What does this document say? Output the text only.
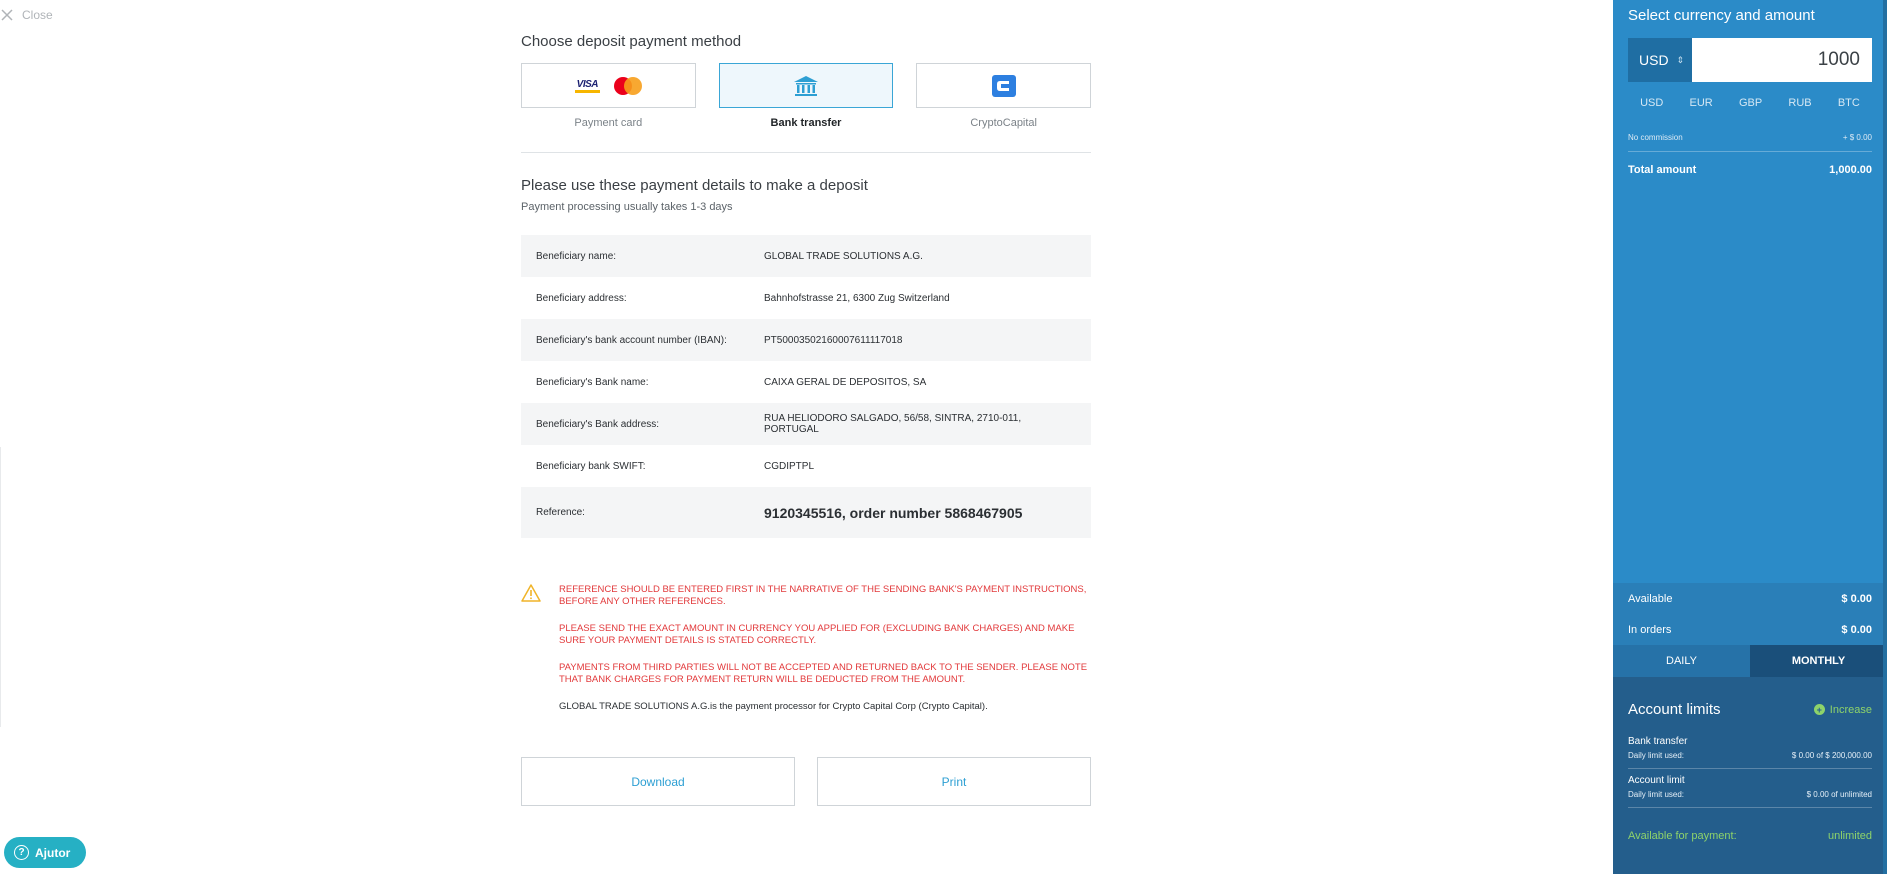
Close
Choose deposit payment method
VISA
Payment card	Bank transfer	CryptoCapital
Please use these payment details to make a deposit
Payment processing usually takes 1-3 days
Beneficiary name:	GLOBAL TRADE SOLUTIONS A.G.
Beneficiary address:	Bahnhofstrasse 21, 6300 Zug Switzerland
Beneficiary's bank account number (IBAN):	PT50003502160007611117018
Beneficiary's Bank name:	CAIXA GERAL DE DEPOSITOS, SA
Beneficiary's Bank address:	RUA HELIODORO SALGADO, 56/58, SINTRA, 2710-011, PORTUGAL
Beneficiary bank SWIFT:	CGDIPTPL
Reference:	9120345516, order number 5868467905
REFERENCE SHOULD BE ENTERED FIRST IN THE NARRATIVE OF THE SENDING BANK'S PAYMENT INSTRUCTIONS, BEFORE ANY OTHER REFERENCES.
PLEASE SEND THE EXACT AMOUNT IN CURRENCY YOU APPLIED FOR (EXCLUDING BANK CHARGES) AND MAKE SURE YOUR PAYMENT DETAILS IS STATED CORRECTLY.
PAYMENTS FROM THIRD PARTIES WILL NOT BE ACCEPTED AND RETURNED BACK TO THE SENDER. PLEASE NOTE THAT BANK CHARGES FOR PAYMENT RETURN WILL BE DEDUCTED FROM THE AMOUNT.
GLOBAL TRADE SOLUTIONS A.G.is the payment processor for Crypto Capital Corp (Crypto Capital).
Download	Print
? Ajutor
Select currency and amount
USD ⇕	1000
USD	EUR	GBP	RUB	BTC
No commission	+ $ 0.00
Total amount	1,000.00
Available	$ 0.00
In orders	$ 0.00
DAILY	MONTHLY
Account limits	+ Increase
Bank transfer
Daily limit used:	$ 0.00 of $ 200,000.00
Account limit
Daily limit used:	$ 0.00 of unlimited
Available for payment:	unlimited
